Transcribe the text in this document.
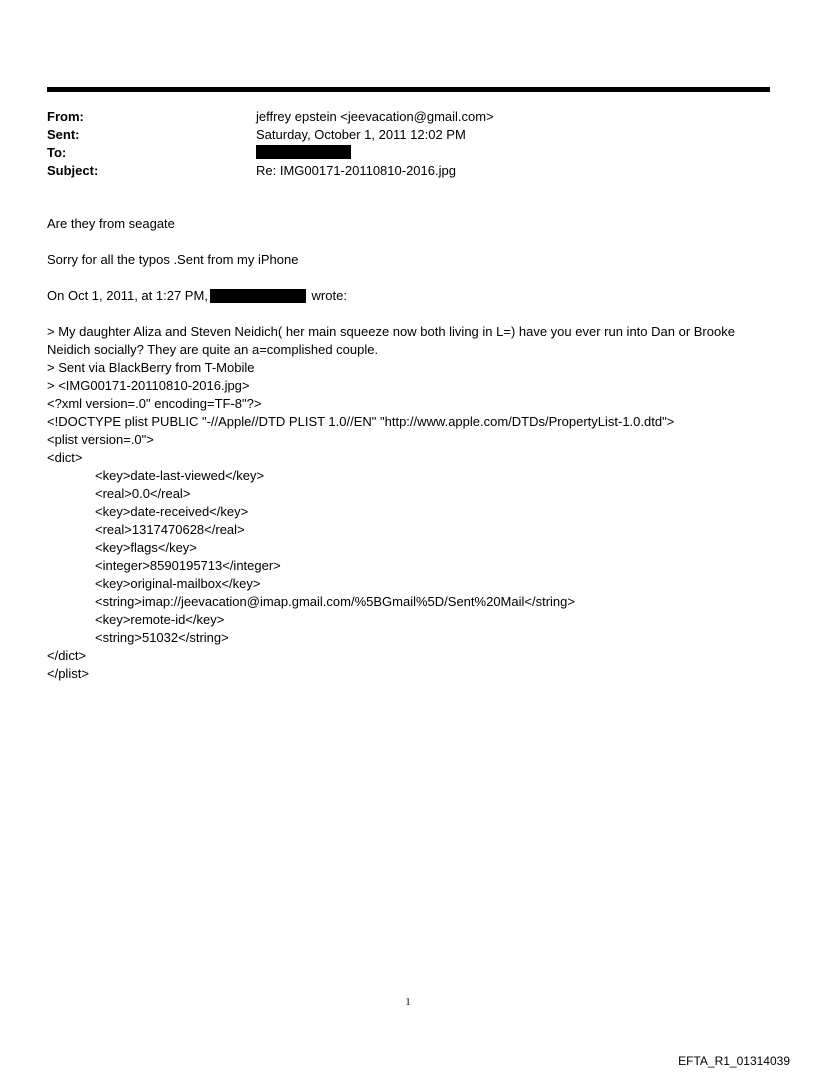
From:	jeffrey epstein <jeevacation@gmail.com>
Sent:	Saturday, October 1, 2011 12:02 PM
To:
Subject:	Re: IMG00171-20110810-2016.jpg

Are they from seagate

Sorry for all the typos .Sent from my iPhone

On Oct 1, 2011, at 1:27 PM,	wrote:

> My daughter Aliza and Steven Neidich( her main squeeze now both living in L=) have you ever run into Dan or Brooke Neidich socially? They are quite an a=complished couple.

> Sent via BlackBerry from T-Mobile

> <IMG00171-20110810-2016.jpg>

<?xml version=.0" encoding=TF-8"?>

<!DOCTYPE plist PUBLIC "-//Apple//DTD PLIST 1.0//EN" "http://www.apple.com/DTDs/PropertyList-1.0.dtd">

<plist version=.0">

<dict>

<key>date-last-viewed</key>

<real>0.0</real>

<key>date-received</key>

<real>1317470628</real>

<key>flags</key>

<integer>8590195713</integer>

<key>original-mailbox</key>

<string>imap://jeevacation@imap.gmail.com/%5BGmail%5D/Sent%20Mail</string>

<key>remote-id</key>

<string>51032</string>

</dict>

</plist>

1
EFTA_R1_01314039
